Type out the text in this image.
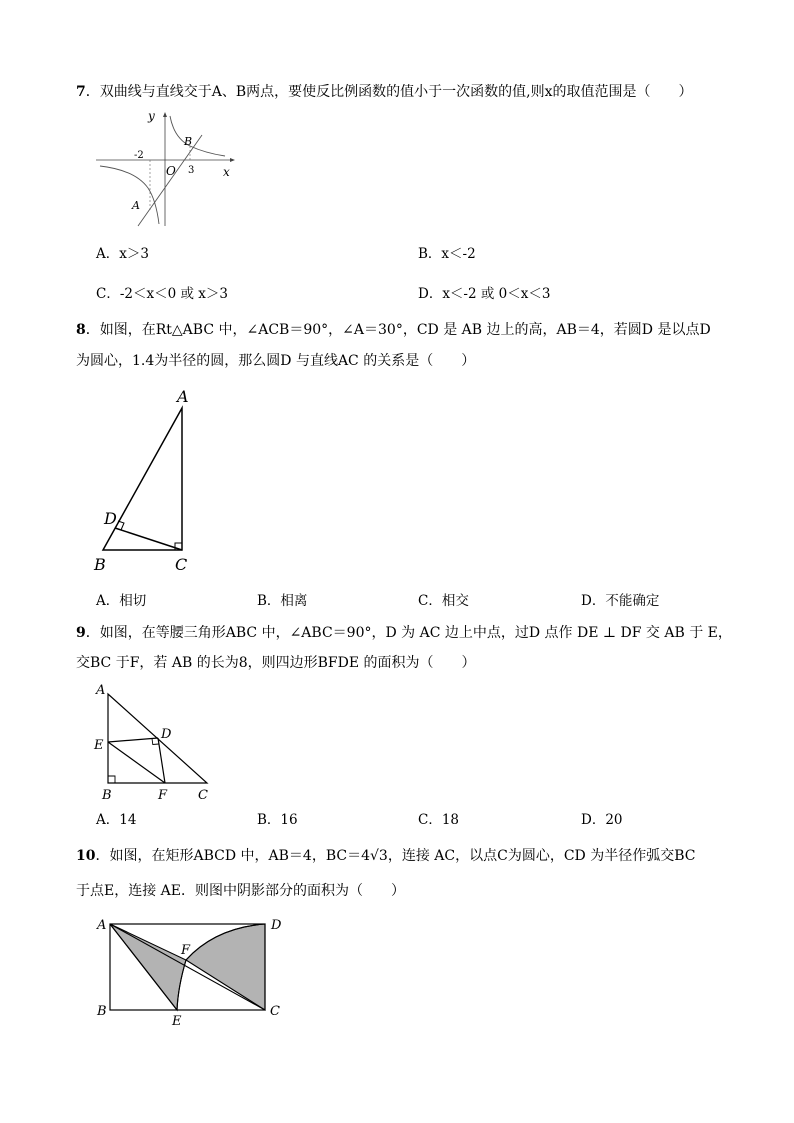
7．双曲线与直线交于A、B两点，要使反比例函数的值小于一次函数的值,则x的取值范围是（　　）
y
x
O
-2
3
A
B
A．x＞3	B．x＜-2
C．-2＜x＜0 或 x＞3	D．x＜-2 或 0＜x＜3
8．如图，在Rt△ABC 中，∠ACB＝90°，∠A＝30°，CD 是 AB 边上的高，AB＝4，若圆D 是以点D
为圆心，1.4为半径的圆，那么圆D 与直线AC 的关系是（　　）
A
B	C
D
A．相切	B．相离	C．相交	D．不能确定
9．如图，在等腰三角形ABC 中，∠ABC＝90°，D 为 AC 边上中点，过D 点作 DE ⊥ DF 交 AB 于 E，
交BC 于F，若 AB 的长为8，则四边形BFDE 的面积为（　　）
A
E
D
B	F C
A．14	B．16	C．18	D．20
10．如图，在矩形ABCD 中，AB＝4，BC＝4√3，连接 AC，以点C为圆心，CD 为半径作弧交BC
于点E，连接 AE．则图中阴影部分的面积为（　　）
A	D
F
B
E
C
